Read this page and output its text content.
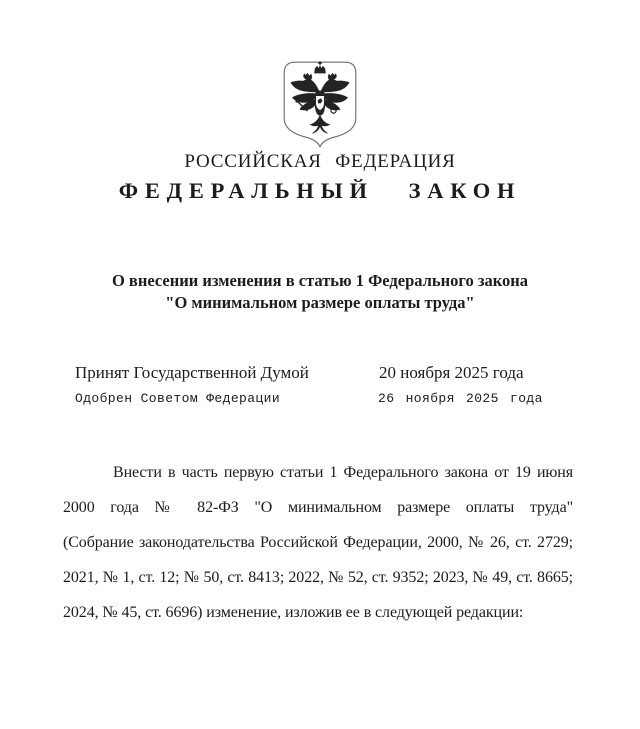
РОССИЙСКАЯ ФЕДЕРАЦИЯ
ФЕДЕРАЛЬНЫЙ ЗАКОН
О внесении изменения в статью 1 Федерального закона
"О минимальном размере оплаты труда"
Принят Государственной Думой	20 ноября 2025 года
Одобрен Советом Федерации	26 ноября 2025 года
Внести в часть первую статьи 1 Федерального закона от 19 июня
2000 года № 82-ФЗ "О минимальном размере оплаты труда"
(Собрание законодательства Российской Федерации, 2000, № 26, ст. 2729;
2021, № 1, ст. 12; № 50, ст. 8413; 2022, № 52, ст. 9352; 2023, № 49, ст. 8665;
2024, № 45, ст. 6696) изменение, изложив ее в следующей редакции:
